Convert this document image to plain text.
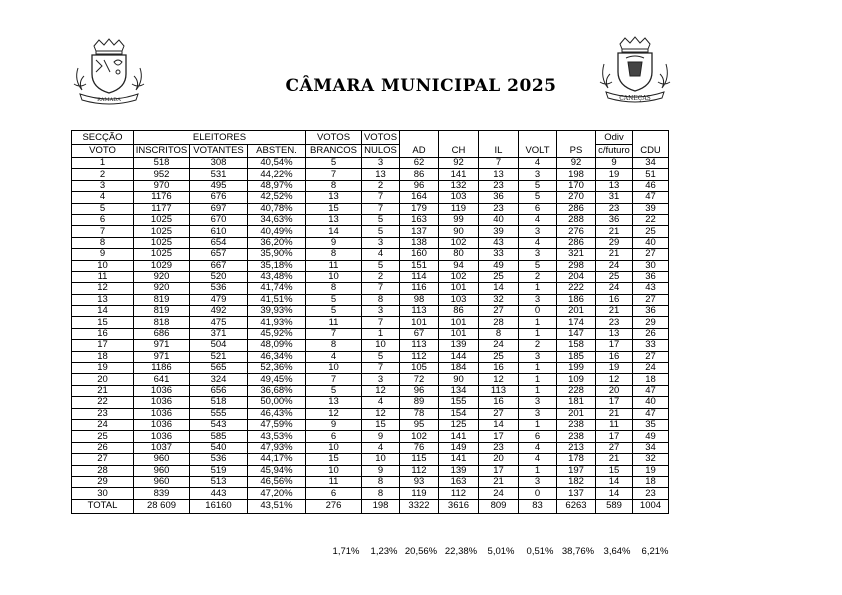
RAMADA	CANEÇAS
CÂMARA MUNICIPAL 2025
SECÇÃO	ELEITORES			VOTOS	VOTOS	AD	CH	IL	VOLT	PS	Odiv	CDU
VOTO	INSCRITOS	VOTANTES	ABSTEN.	BRANCOS	NULOS						c/futuro	
1	518	308	40,54%	5	3	62	92	7	4	92	9	34
2	952	531	44,22%	7	13	86	141	13	3	198	19	51
3	970	495	48,97%	8	2	96	132	23	5	170	13	46
4	1176	676	42,52%	13	7	164	103	36	5	270	31	47
5	1177	697	40,78%	15	7	179	119	23	6	286	23	39
6	1025	670	34,63%	13	5	163	99	40	4	288	36	22
7	1025	610	40,49%	14	5	137	90	39	3	276	21	25
8	1025	654	36,20%	9	3	138	102	43	4	286	29	40
9	1025	657	35,90%	8	4	160	80	33	3	321	21	27
10	1029	667	35,18%	11	5	151	94	49	5	298	24	30
11	920	520	43,48%	10	2	114	102	25	2	204	25	36
12	920	536	41,74%	8	7	116	101	14	1	222	24	43
13	819	479	41,51%	5	8	98	103	32	3	186	16	27
14	819	492	39,93%	5	3	113	86	27	0	201	21	36
15	818	475	41,93%	11	7	101	101	28	1	174	23	29
16	686	371	45,92%	7	1	67	101	8	1	147	13	26
17	971	504	48,09%	8	10	113	139	24	2	158	17	33
18	971	521	46,34%	4	5	112	144	25	3	185	16	27
19	1186	565	52,36%	10	7	105	184	16	1	199	19	24
20	641	324	49,45%	7	3	72	90	12	1	109	12	18
21	1036	656	36,68%	5	12	96	134	113	1	228	20	47
22	1036	518	50,00%	13	4	89	155	16	3	181	17	40
23	1036	555	46,43%	12	12	78	154	27	3	201	21	47
24	1036	543	47,59%	9	15	95	125	14	1	238	11	35
25	1036	585	43,53%	6	9	102	141	17	6	238	17	49
26	1037	540	47,93%	10	4	76	149	23	4	213	27	34
27	960	536	44,17%	15	10	115	141	20	4	178	21	32
28	960	519	45,94%	10	9	112	139	17	1	197	15	19
29	960	513	46,56%	11	8	93	163	21	3	182	14	18
30	839	443	47,20%	6	8	119	112	24	0	137	14	23
TOTAL	28 609	16160	43,51%	276	198	3322	3616	809	83	6263	589	1004
1,71%	1,23% 20,56% 22,38%	5,01%	0,51% 38,76% 3,64%	6,21%
